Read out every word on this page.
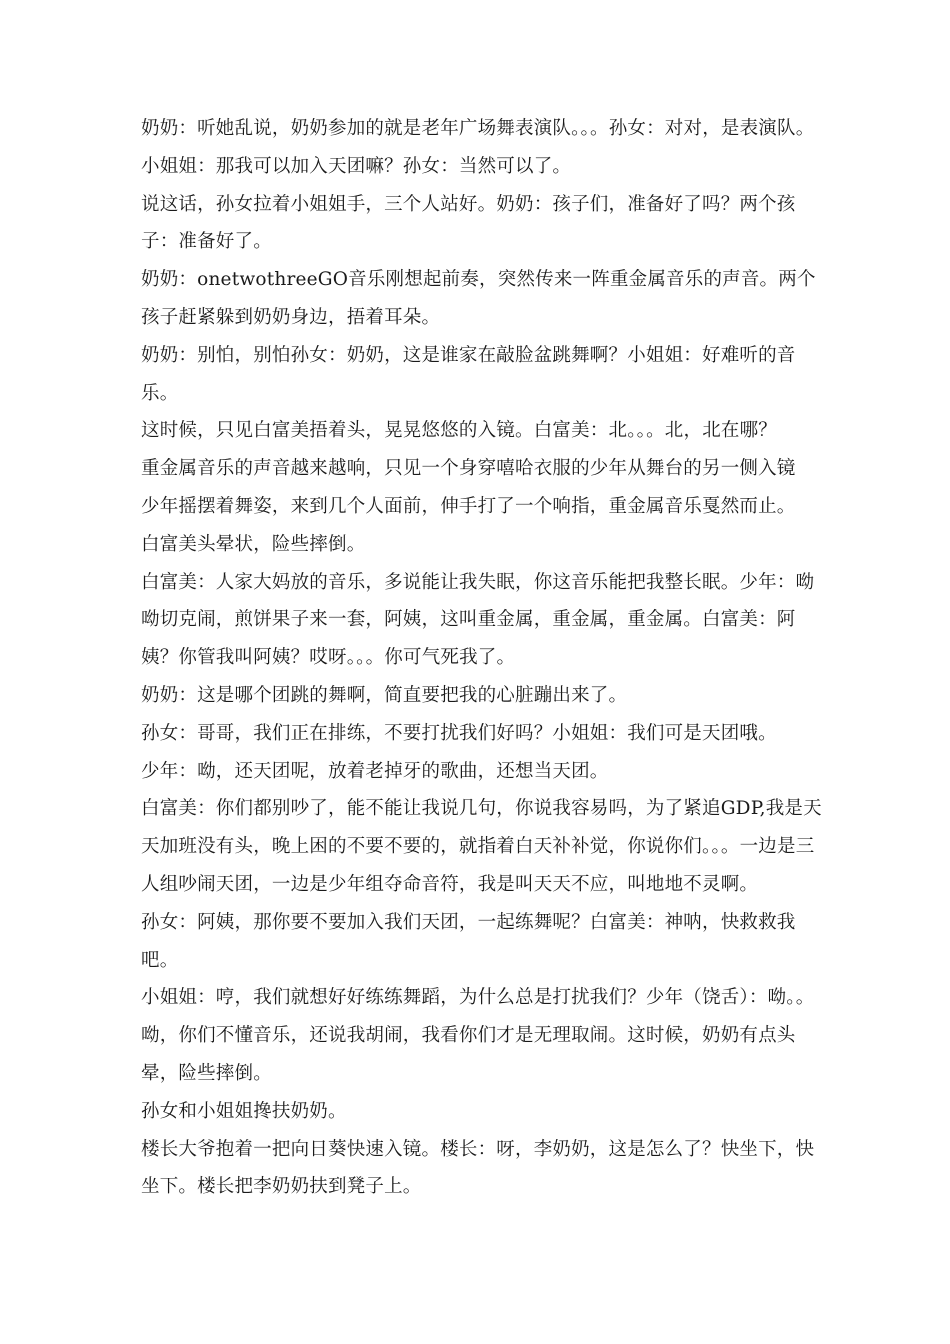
奶奶：听她乱说，奶奶参加的就是老年广场舞表演队。。。孙女：对对，是表演队。

小姐姐：那我可以加入天团嘛？孙女：当然可以了。

说这话，孙女拉着小姐姐手，三个人站好。奶奶：孩子们，准备好了吗？两个孩子：准备好了。

奶奶：onetwothreeGO音乐刚想起前奏，突然传来一阵重金属音乐的声音。两个孩子赶紧躲到奶奶身边，捂着耳朵。

奶奶：别怕，别怕孙女：奶奶，这是谁家在敲脸盆跳舞啊？小姐姐：好难听的音乐。

这时候，只见白富美捂着头，晃晃悠悠的入镜。白富美：北。。。北，北在哪？

重金属音乐的声音越来越响，只见一个身穿嘻哈衣服的少年从舞台的另一侧入镜

少年摇摆着舞姿，来到几个人面前，伸手打了一个响指，重金属音乐戛然而止。

白富美头晕状，险些摔倒。

白富美：人家大妈放的音乐，多说能让我失眠，你这音乐能把我整长眠。少年：呦呦切克闹，煎饼果子来一套，阿姨，这叫重金属，重金属，重金属。白富美：阿姨？你管我叫阿姨？哎呀。。。你可气死我了。

奶奶：这是哪个团跳的舞啊，简直要把我的心脏蹦出来了。

孙女：哥哥，我们正在排练，不要打扰我们好吗？小姐姐：我们可是天团哦。

少年：呦，还天团呢，放着老掉牙的歌曲，还想当天团。

白富美：你们都别吵了，能不能让我说几句，你说我容易吗，为了紧追GDP,我是天天加班没有头，晚上困的不要不要的，就指着白天补补觉，你说你们。。。一边是三人组吵闹天团，一边是少年组夺命音符，我是叫天天不应，叫地地不灵啊。

孙女：阿姨，那你要不要加入我们天团，一起练舞呢？白富美：神呐，快救救我吧。

小姐姐：哼，我们就想好好练练舞蹈，为什么总是打扰我们？少年（饶舌）：呦。。呦，你们不懂音乐，还说我胡闹，我看你们才是无理取闹。这时候，奶奶有点头晕，险些摔倒。

孙女和小姐姐搀扶奶奶。

楼长大爷抱着一把向日葵快速入镜。楼长：呀，李奶奶，这是怎么了？快坐下，快坐下。楼长把李奶奶扶到凳子上。
